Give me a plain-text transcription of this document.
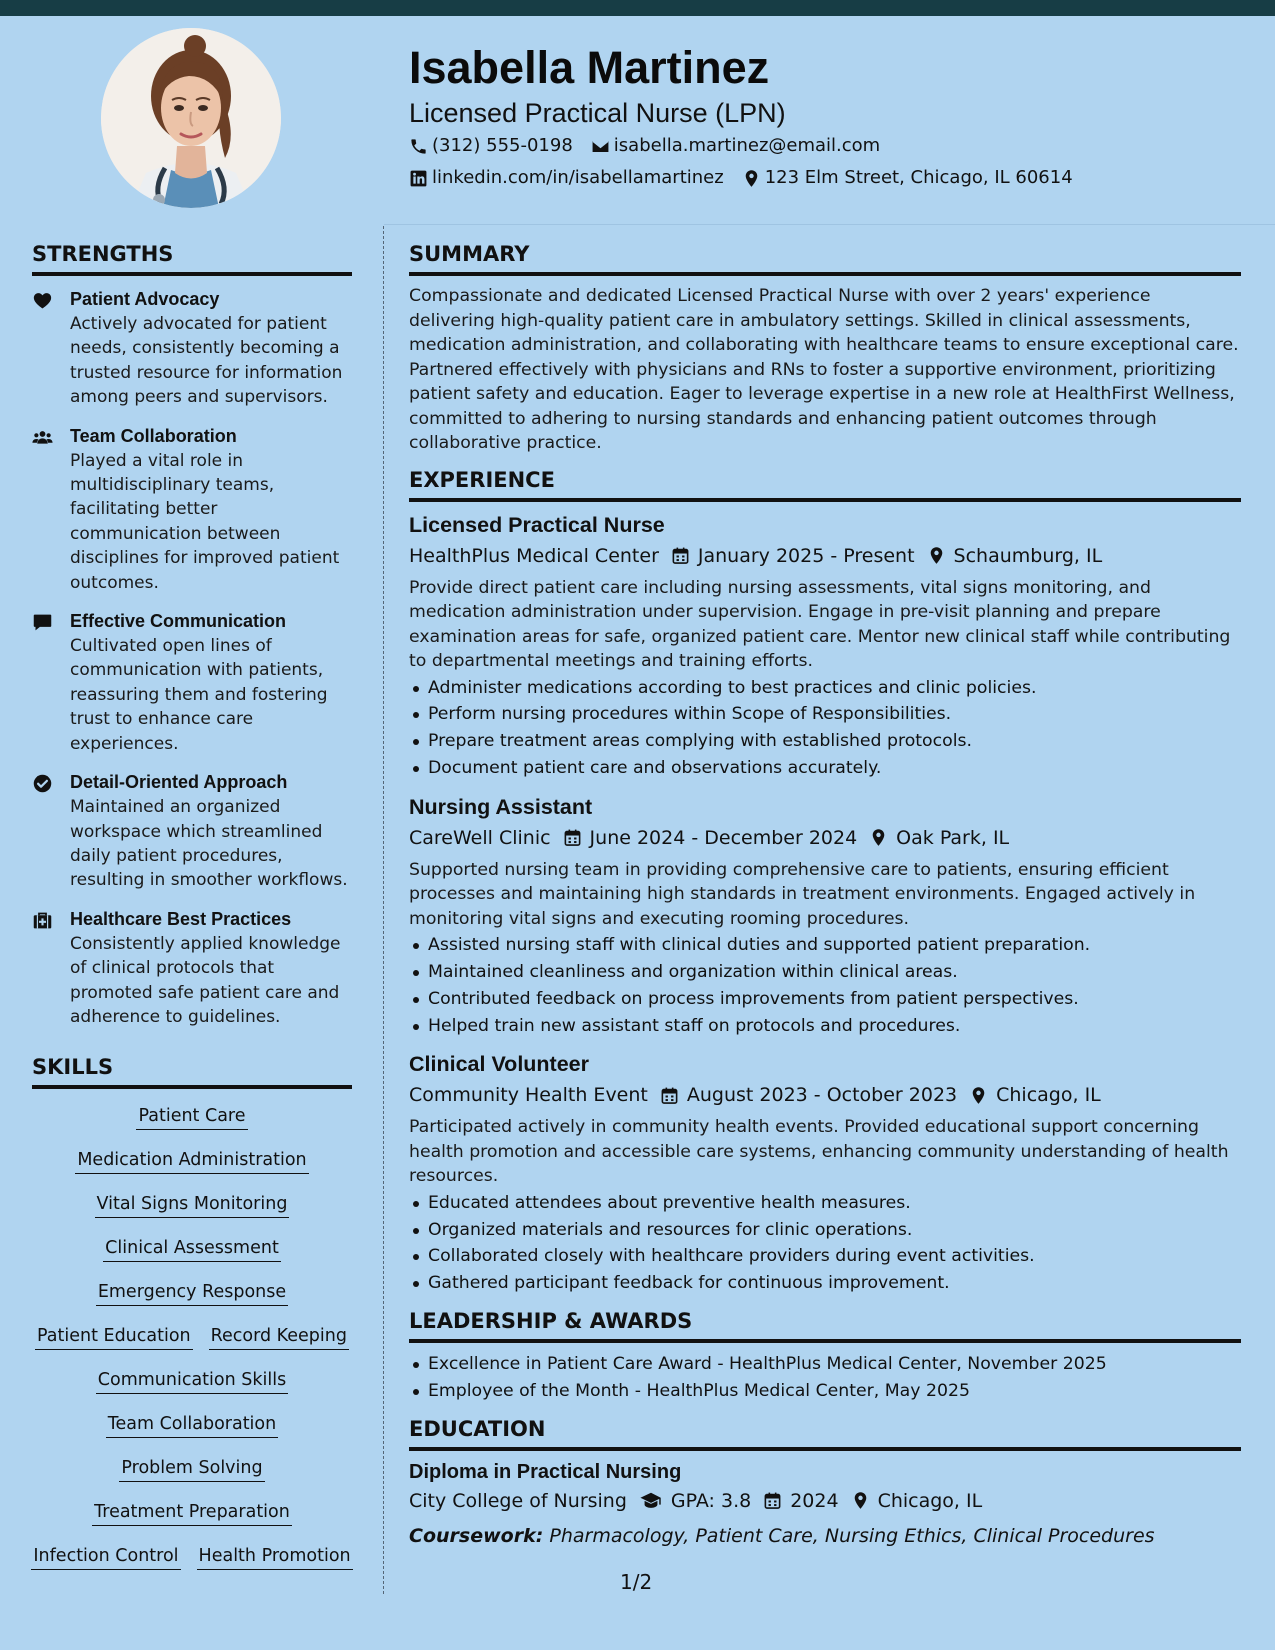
Isabella Martinez
Licensed Practical Nurse (LPN)
(312) 555-0198 isabella.martinez@email.com
linkedin.com/in/isabellamartinez 123 Elm Street, Chicago, IL 60614
STRENGTHS
Patient Advocacy
Actively advocated for patient needs, consistently becoming a trusted resource for information among peers and supervisors.
Team Collaboration
Played a vital role in multidisciplinary teams, facilitating better communication between disciplines for improved patient outcomes.
Effective Communication
Cultivated open lines of communication with patients, reassuring them and fostering trust to enhance care experiences.
Detail-Oriented Approach
Maintained an organized workspace which streamlined daily patient procedures, resulting in smoother workflows.
Healthcare Best Practices
Consistently applied knowledge of clinical protocols that promoted safe patient care and adherence to guidelines.
SKILLS
Patient Care
Medication Administration
Vital Signs Monitoring
Clinical Assessment
Emergency Response
Patient Education Record Keeping
Communication Skills
Team Collaboration
Problem Solving
Treatment Preparation
Infection Control Health Promotion
SUMMARY
Compassionate and dedicated Licensed Practical Nurse with over 2 years' experience delivering high-quality patient care in ambulatory settings. Skilled in clinical assessments, medication administration, and collaborating with healthcare teams to ensure exceptional care. Partnered effectively with physicians and RNs to foster a supportive environment, prioritizing patient safety and education. Eager to leverage expertise in a new role at HealthFirst Wellness, committed to adhering to nursing standards and enhancing patient outcomes through collaborative practice.
EXPERIENCE
Licensed Practical Nurse
HealthPlus Medical Center January 2025 - Present Schaumburg, IL
Provide direct patient care including nursing assessments, vital signs monitoring, and medication administration under supervision. Engage in pre-visit planning and prepare examination areas for safe, organized patient care. Mentor new clinical staff while contributing to departmental meetings and training efforts.
Administer medications according to best practices and clinic policies.
Perform nursing procedures within Scope of Responsibilities.
Prepare treatment areas complying with established protocols.
Document patient care and observations accurately.
Nursing Assistant
CareWell Clinic June 2024 - December 2024 Oak Park, IL
Supported nursing team in providing comprehensive care to patients, ensuring efficient processes and maintaining high standards in treatment environments. Engaged actively in monitoring vital signs and executing rooming procedures.
Assisted nursing staff with clinical duties and supported patient preparation.
Maintained cleanliness and organization within clinical areas.
Contributed feedback on process improvements from patient perspectives.
Helped train new assistant staff on protocols and procedures.
Clinical Volunteer
Community Health Event August 2023 - October 2023 Chicago, IL
Participated actively in community health events. Provided educational support concerning health promotion and accessible care systems, enhancing community understanding of health resources.
Educated attendees about preventive health measures.
Organized materials and resources for clinic operations.
Collaborated closely with healthcare providers during event activities.
Gathered participant feedback for continuous improvement.
LEADERSHIP & AWARDS
Excellence in Patient Care Award - HealthPlus Medical Center, November 2025
Employee of the Month - HealthPlus Medical Center, May 2025
EDUCATION
Diploma in Practical Nursing
City College of Nursing GPA: 3.8 2024 Chicago, IL
Coursework: Pharmacology, Patient Care, Nursing Ethics, Clinical Procedures
1/2
